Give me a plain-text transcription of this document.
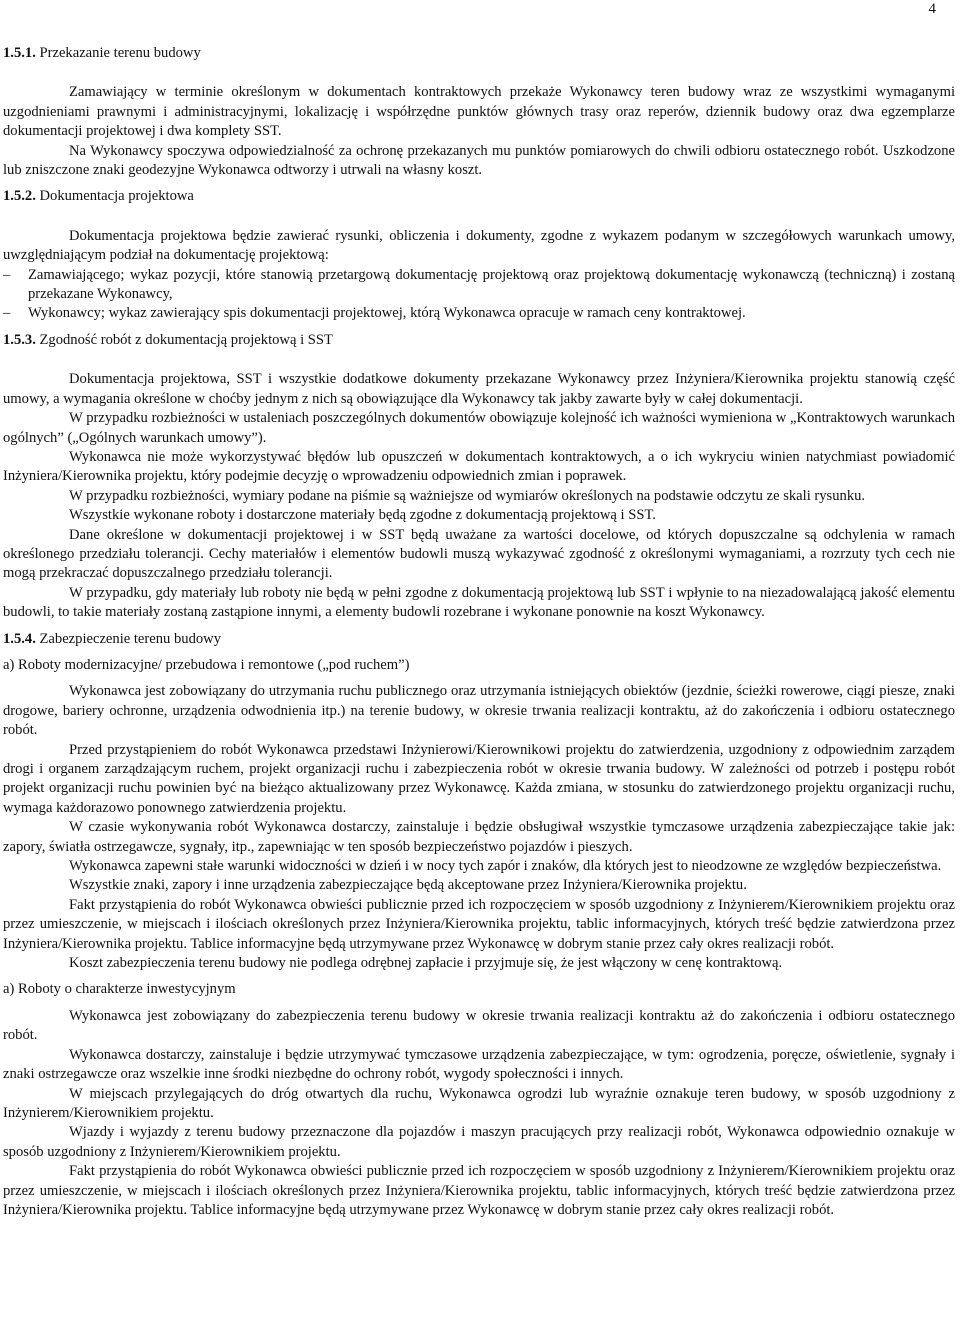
4
1.5.1. Przekazanie terenu budowy
Zamawiający w terminie określonym w dokumentach kontraktowych przekaże Wykonawcy teren budowy wraz ze wszystkimi wymaganymi uzgodnieniami prawnymi i administracyjnymi, lokalizację i współrzędne punktów głównych trasy oraz reperów, dziennik budowy oraz dwa egzemplarze dokumentacji projektowej i dwa komplety SST.
Na Wykonawcy spoczywa odpowiedzialność za ochronę przekazanych mu punktów pomiarowych do chwili odbioru ostatecznego robót. Uszkodzone lub zniszczone znaki geodezyjne Wykonawca odtworzy i utrwali na własny koszt.
1.5.2. Dokumentacja projektowa
Dokumentacja projektowa będzie zawierać rysunki, obliczenia i dokumenty, zgodne z wykazem podanym w szczegółowych warunkach umowy, uwzględniającym podział na dokumentację projektową:
– Zamawiającego; wykaz pozycji, które stanowią przetargową dokumentację projektową oraz projektową dokumentację wykonawczą (techniczną) i zostaną przekazane Wykonawcy,
– Wykonawcy; wykaz zawierający spis dokumentacji projektowej, którą Wykonawca opracuje w ramach ceny kontraktowej.
1.5.3. Zgodność robót z dokumentacją projektową i SST
Dokumentacja projektowa, SST i wszystkie dodatkowe dokumenty przekazane Wykonawcy przez Inżyniera/Kierownika projektu stanowią część umowy, a wymagania określone w choćby jednym z nich są obowiązujące dla Wykonawcy tak jakby zawarte były w całej dokumentacji.
W przypadku rozbieżności w ustaleniach poszczególnych dokumentów obowiązuje kolejność ich ważności wymieniona w „Kontraktowych warunkach ogólnych” („Ogólnych warunkach umowy”).
Wykonawca nie może wykorzystywać błędów lub opuszczeń w dokumentach kontraktowych, a o ich wykryciu winien natychmiast powiadomić Inżyniera/Kierownika projektu, który podejmie decyzję o wprowadzeniu odpowiednich zmian i poprawek.
W przypadku rozbieżności, wymiary podane na piśmie są ważniejsze od wymiarów określonych na podstawie odczytu ze skali rysunku.
Wszystkie wykonane roboty i dostarczone materiały będą zgodne z dokumentacją projektową i SST.
Dane określone w dokumentacji projektowej i w SST będą uważane za wartości docelowe, od których dopuszczalne są odchylenia w ramach określonego przedziału tolerancji. Cechy materiałów i elementów budowli muszą wykazywać zgodność z określonymi wymaganiami, a rozrzuty tych cech nie mogą przekraczać dopuszczalnego przedziału tolerancji.
W przypadku, gdy materiały lub roboty nie będą w pełni zgodne z dokumentacją projektową lub SST i wpłynie to na niezadowalającą jakość elementu budowli, to takie materiały zostaną zastąpione innymi, a elementy budowli rozebrane i wykonane ponownie na koszt Wykonawcy.
1.5.4. Zabezpieczenie terenu budowy
a) Roboty modernizacyjne/ przebudowa i remontowe („pod ruchem”)
Wykonawca jest zobowiązany do utrzymania ruchu publicznego oraz utrzymania istniejących obiektów (jezdnie, ścieżki rowerowe, ciągi piesze, znaki drogowe, bariery ochronne, urządzenia odwodnienia itp.) na terenie budowy, w okresie trwania realizacji kontraktu, aż do zakończenia i odbioru ostatecznego robót.
Przed przystąpieniem do robót Wykonawca przedstawi Inżynierowi/Kierownikowi projektu do zatwierdzenia, uzgodniony z odpowiednim zarządem drogi i organem zarządzającym ruchem, projekt organizacji ruchu i zabezpieczenia robót w okresie trwania budowy. W zależności od potrzeb i postępu robót projekt organizacji ruchu powinien być na bieżąco aktualizowany przez Wykonawcę. Każda zmiana, w stosunku do zatwierdzonego projektu organizacji ruchu, wymaga każdorazowo ponownego zatwierdzenia projektu.
W czasie wykonywania robót Wykonawca dostarczy, zainstaluje i będzie obsługiwał wszystkie tymczasowe urządzenia zabezpieczające takie jak: zapory, światła ostrzegawcze, sygnały, itp., zapewniając w ten sposób bezpieczeństwo pojazdów i pieszych.
Wykonawca zapewni stałe warunki widoczności w dzień i w nocy tych zapór i znaków, dla których jest to nieodzowne ze względów bezpieczeństwa.
Wszystkie znaki, zapory i inne urządzenia zabezpieczające będą akceptowane przez Inżyniera/Kierownika projektu.
Fakt przystąpienia do robót Wykonawca obwieści publicznie przed ich rozpoczęciem w sposób uzgodniony z Inżynierem/Kierownikiem projektu oraz przez umieszczenie, w miejscach i ilościach określonych przez Inżyniera/Kierownika projektu, tablic informacyjnych, których treść będzie zatwierdzona przez Inżyniera/Kierownika projektu. Tablice informacyjne będą utrzymywane przez Wykonawcę w dobrym stanie przez cały okres realizacji robót.
Koszt zabezpieczenia terenu budowy nie podlega odrębnej zapłacie i przyjmuje się, że jest włączony w cenę kontraktową.
a) Roboty o charakterze inwestycyjnym
Wykonawca jest zobowiązany do zabezpieczenia terenu budowy w okresie trwania realizacji kontraktu aż do zakończenia i odbioru ostatecznego robót.
Wykonawca dostarczy, zainstaluje i będzie utrzymywać tymczasowe urządzenia zabezpieczające, w tym: ogrodzenia, poręcze, oświetlenie, sygnały i znaki ostrzegawcze oraz wszelkie inne środki niezbędne do ochrony robót, wygody społeczności i innych.
W miejscach przylegających do dróg otwartych dla ruchu, Wykonawca ogrodzi lub wyraźnie oznakuje teren budowy, w sposób uzgodniony z Inżynierem/Kierownikiem projektu.
Wjazdy i wyjazdy z terenu budowy przeznaczone dla pojazdów i maszyn pracujących przy realizacji robót, Wykonawca odpowiednio oznakuje w sposób uzgodniony z Inżynierem/Kierownikiem projektu.
Fakt przystąpienia do robót Wykonawca obwieści publicznie przed ich rozpoczęciem w sposób uzgodniony z Inżynierem/Kierownikiem projektu oraz przez umieszczenie, w miejscach i ilościach określonych przez Inżyniera/Kierownika projektu, tablic informacyjnych, których treść będzie zatwierdzona przez Inżyniera/Kierownika projektu. Tablice informacyjne będą utrzymywane przez Wykonawcę w dobrym stanie przez cały okres realizacji robót.
